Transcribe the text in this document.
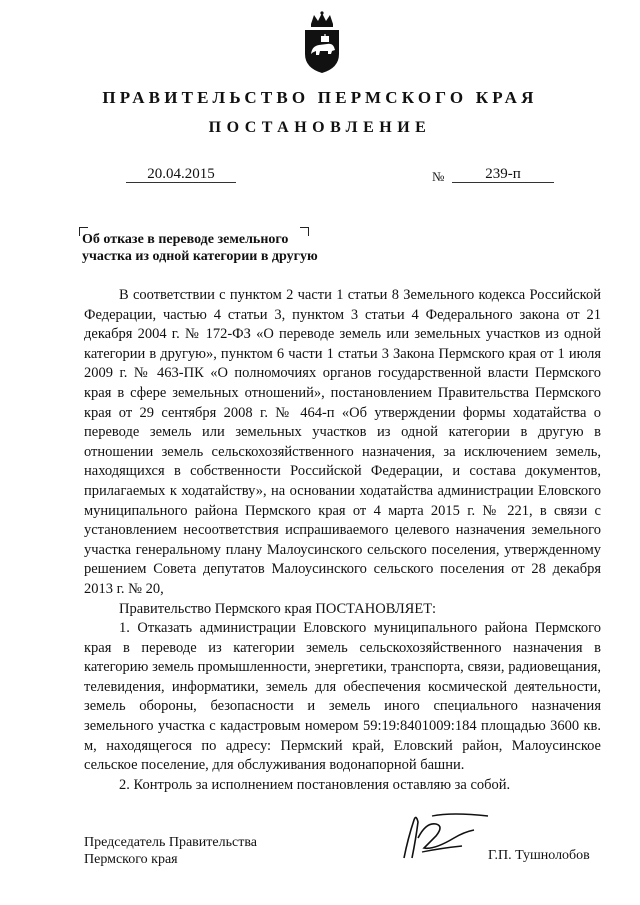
ПРАВИТЕЛЬСТВО ПЕРМСКОГО КРАЯ
ПОСТАНОВЛЕНИЕ
20.04.2015	№	239-п
Об отказе в переводе земельного
участка из одной категории в другую

В соответствии с пунктом 2 части 1 статьи 8 Земельного кодекса Российской Федерации, частью 4 статьи 3, пунктом 3 статьи 4 Федерального закона от 21 декабря 2004 г. № 172-ФЗ «О переводе земель или земельных участков из одной категории в другую», пунктом 6 части 1 статьи 3 Закона Пермского края от 1 июля 2009 г. № 463-ПК «О полномочиях органов государственной власти Пермского края в сфере земельных отношений», постановлением Правительства Пермского края от 29 сентября 2008 г. № 464-п «Об утверждении формы ходатайства о переводе земель или земельных участков из одной категории в другую в отношении земель сельскохозяйственного назначения, за исключением земель, находящихся в собственности Российской Федерации, и состава документов, прилагаемых к ходатайству», на основании ходатайства администрации Еловского муниципального района Пермского края от 4 марта 2015 г. № 221, в связи с установлением несоответствия испрашиваемого целевого назначения земельного участка генеральному плану Малоусинского сельского поселения, утвержденному решением Совета депутатов Малоусинского сельского поселения от 28 декабря 2013 г. № 20,

Правительство Пермского края ПОСТАНОВЛЯЕТ:

1. Отказать администрации Еловского муниципального района Пермского края в переводе из категории земель сельскохозяйственного назначения в категорию земель промышленности, энергетики, транспорта, связи, радиовещания, телевидения, информатики, земель для обеспечения космической деятельности, земель обороны, безопасности и земель иного специального назначения земельного участка с кадастровым номером 59:19:8401009:184 площадью 3600 кв. м, находящегося по адресу: Пермский край, Еловский район, Малоусинское сельское поселение, для обслуживания водонапорной башни.

2. Контроль за исполнением постановления оставляю за собой.

Председатель Правительства
Пермского края	Г.П. Тушнолобов
